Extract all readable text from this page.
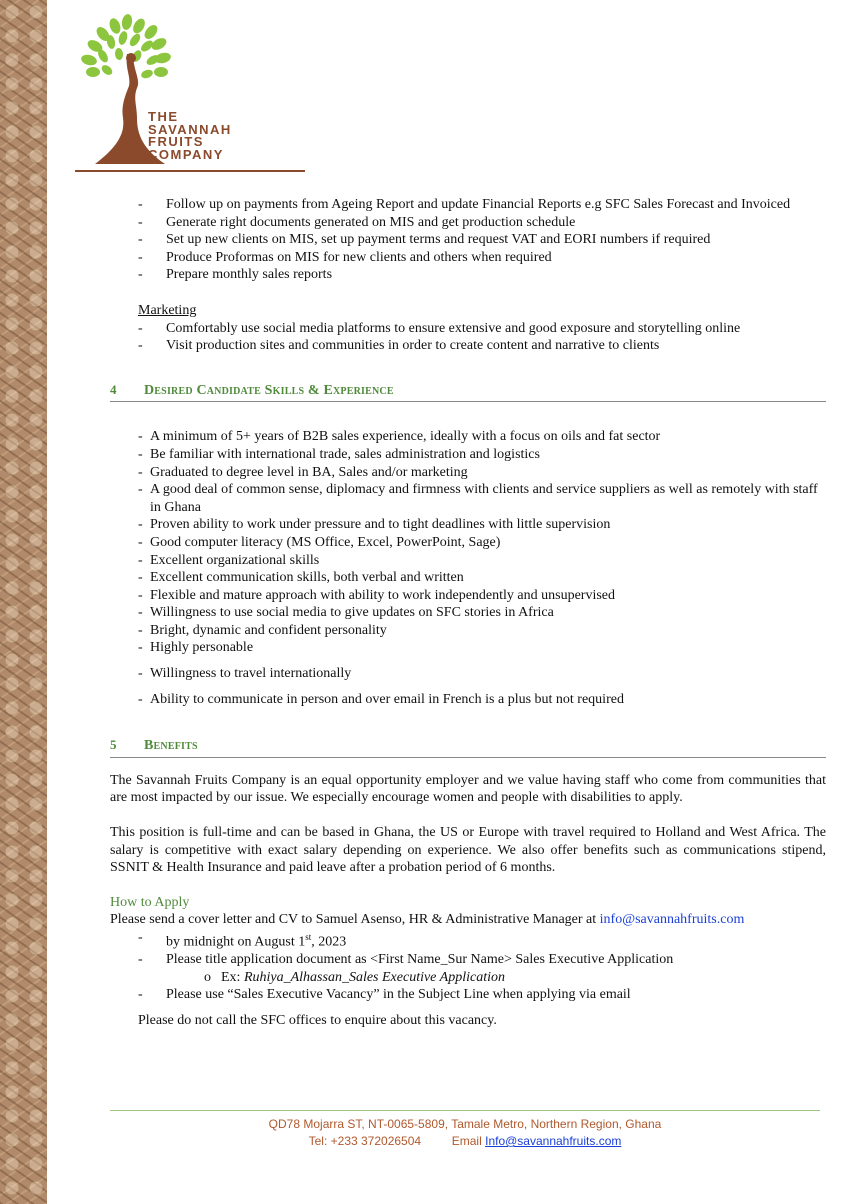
THE
SAVANNAH
FRUITS
COMPANY
- Follow up on payments from Ageing Report and update Financial Reports e.g SFC Sales Forecast and Invoiced
- Generate right documents generated on MIS and get production schedule
- Set up new clients on MIS, set up payment terms and request VAT and EORI numbers if required
- Produce Proformas on MIS for new clients and others when required
- Prepare monthly sales reports
Marketing
- Comfortably use social media platforms to ensure extensive and good exposure and storytelling online
- Visit production sites and communities in order to create content and narrative to clients
4	Desired Candidate Skills & Experience
- A minimum of 5+ years of B2B sales experience, ideally with a focus on oils and fat sector
- Be familiar with international trade, sales administration and logistics
- Graduated to degree level in BA, Sales and/or marketing
- A good deal of common sense, diplomacy and firmness with clients and service suppliers as well as remotely with staff in Ghana
- Proven ability to work under pressure and to tight deadlines with little supervision
- Good computer literacy (MS Office, Excel, PowerPoint, Sage)
- Excellent organizational skills
- Excellent communication skills, both verbal and written
- Flexible and mature approach with ability to work independently and unsupervised
- Willingness to use social media to give updates on SFC stories in Africa
- Bright, dynamic and confident personality
- Highly personable
- Willingness to travel internationally
- Ability to communicate in person and over email in French is a plus but not required
5	Benefits

The Savannah Fruits Company is an equal opportunity employer and we value having staff who come from communities that are most impacted by our issue. We especially encourage women and people with disabilities to apply.

This position is full-time and can be based in Ghana, the US or Europe with travel required to Holland and West Africa. The salary is competitive with exact salary depending on experience. We also offer benefits such as communications stipend, SSNIT & Health Insurance and paid leave after a probation period of 6 months.

How to Apply
Please send a cover letter and CV to Samuel Asenso, HR & Administrative Manager at info@savannahfruits.com
- by midnight on August 1st, 2023
- Please title application document as <First Name_Sur Name> Sales Executive Application
o Ex: Ruhiya_Alhassan_Sales Executive Application
- Please use “Sales Executive Vacancy” in the Subject Line when applying via email
Please do not call the SFC offices to enquire about this vacancy.
QD78 Mojarra ST, NT-0065-5809, Tamale Metro, Northern Region, Ghana
Tel: +233 372026504	Email Info@savannahfruits.com
